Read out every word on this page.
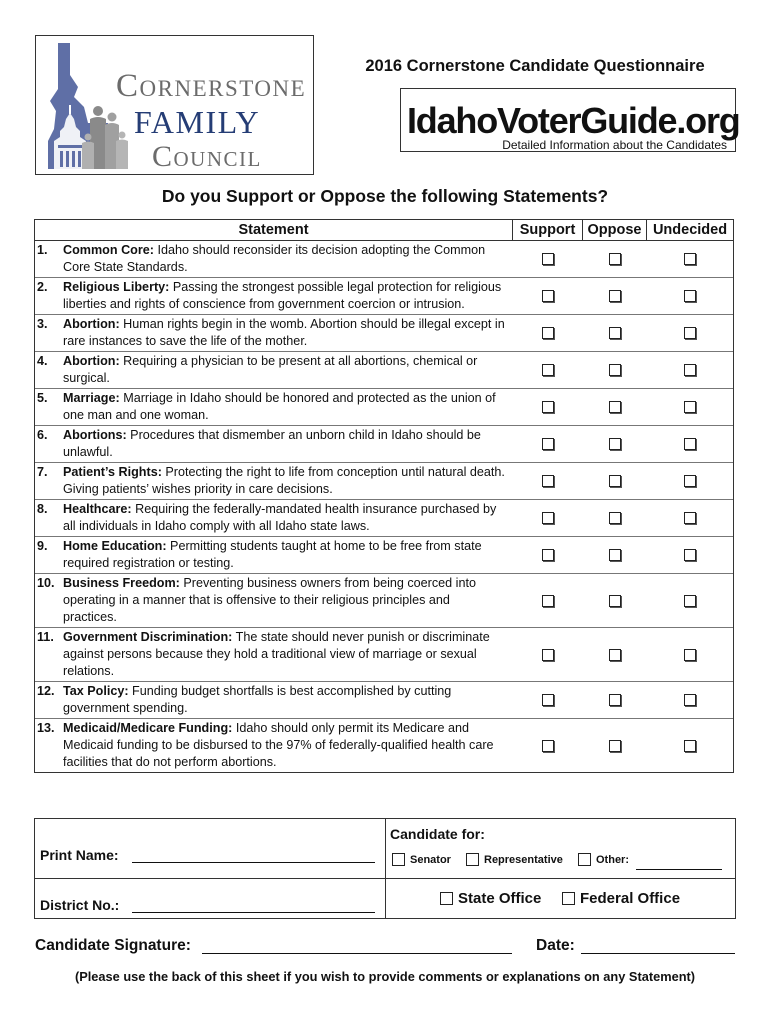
CORNERSTONE
FAMILY
COUNCIL
2016 Cornerstone Candidate Questionnaire
IdahoVoterGuide.org
Detailed Information about the Candidates
Do you Support or Oppose the following Statements?
Statement	Support Oppose Undecided
1.	Common Core: Idaho should reconsider its decision adopting the Common Core State Standards.
2.	Religious Liberty: Passing the strongest possible legal protection for religious liberties and rights of conscience from government coercion or intrusion.
3.	Abortion: Human rights begin in the womb. Abortion should be illegal except in rare instances to save the life of the mother.
4.	Abortion: Requiring a physician to be present at all abortions, chemical or surgical.
5.	Marriage: Marriage in Idaho should be honored and protected as the union of one man and one woman.
6.	Abortions: Procedures that dismember an unborn child in Idaho should be unlawful.
7.	Patient’s Rights: Protecting the right to life from conception until natural death. Giving patients’ wishes priority in care decisions.
8.	Healthcare: Requiring the federally-mandated health insurance purchased by all individuals in Idaho comply with all Idaho state laws.
9.	Home Education: Permitting students taught at home to be free from state required registration or testing.
10. Business Freedom: Preventing business owners from being coerced into operating in a manner that is offensive to their religious principles and practices.
11. Government Discrimination: The state should never punish or discriminate against persons because they hold a traditional view of marriage or sexual relations.
12. Tax Policy: Funding budget shortfalls is best accomplished by cutting government spending.
13. Medicaid/Medicare Funding: Idaho should only permit its Medicare and Medicaid funding to be disbursed to the 97% of federally-qualified health care facilities that do not perform abortions.
Print Name:
Candidate for:
Senator	Representative	Other:
District No.:	State Office	Federal Office
Candidate Signature:	Date:
(Please use the back of this sheet if you wish to provide comments or explanations on any Statement)
